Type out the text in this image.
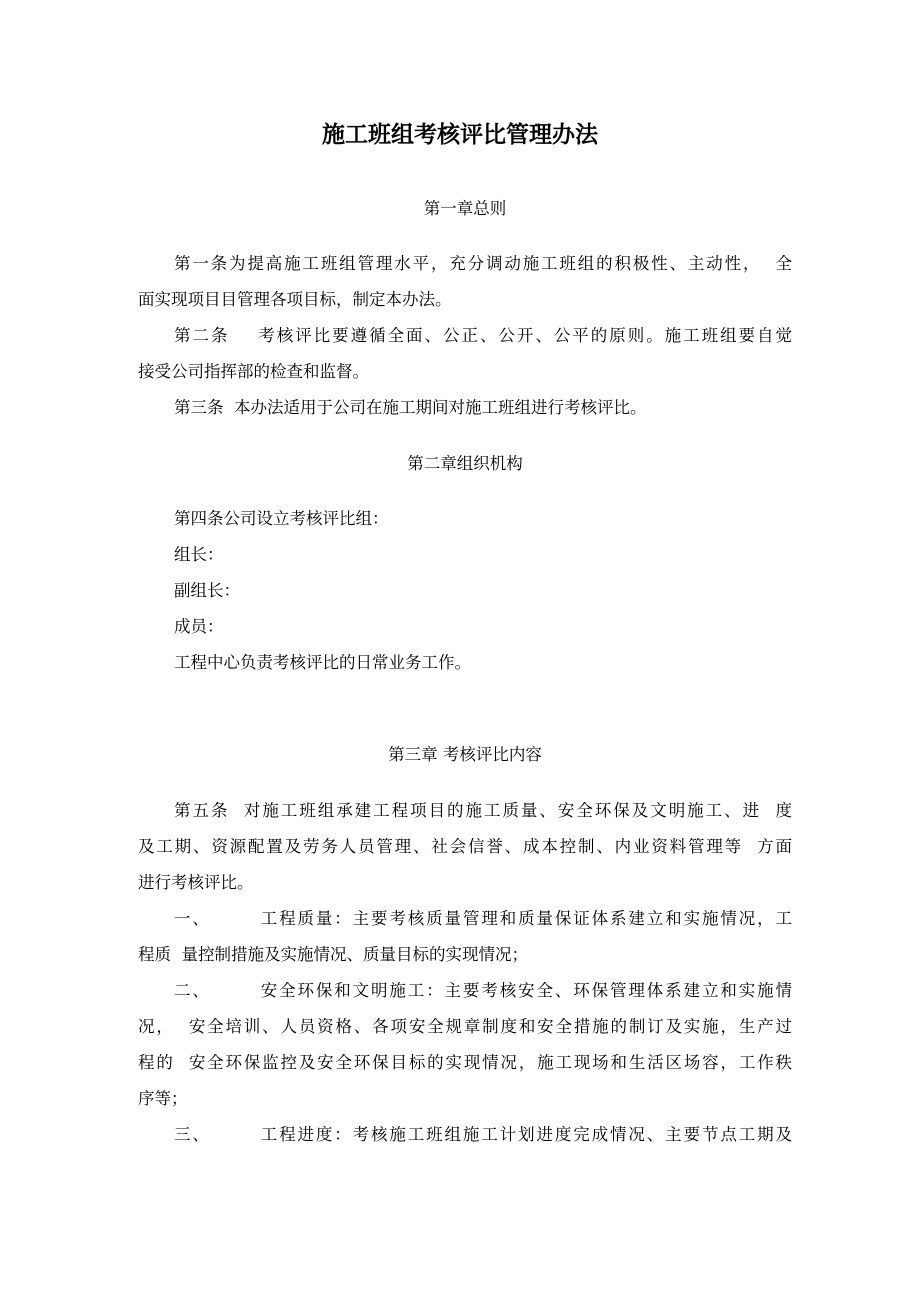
施工班组考核评比管理办法
第一章总则
第一条为提高施工班组管理水平，充分调动施工班组的积极性、主动性，  全
面实现项目目管理各项目标，制定本办法。
第二条    考核评比要遵循全面、公正、公开、公平的原则。施工班组要自觉
接受公司指挥部的检查和监督。
第三条  本办法适用于公司在施工期间对施工班组进行考核评比。
第二章组织机构
第四条公司设立考核评比组：
组长：
副组长：
成员：
工程中心负责考核评比的日常业务工作。
第三章 考核评比内容
第五条  对施工班组承建工程项目的施工质量、安全环保及文明施工、进  度
及工期、资源配置及劳务人员管理、社会信誉、成本控制、内业资料管理等  方面
进行考核评比。
一、       工程质量：主要考核质量管理和质量保证体系建立和实施情况，工
程质  量控制措施及实施情况、质量目标的实现情况；
二、       安全环保和文明施工：主要考核安全、环保管理体系建立和实施情
况，  安全培训、人员资格、各项安全规章制度和安全措施的制订及实施，生产过
程的  安全环保监控及安全环保目标的实现情况，施工现场和生活区场容，工作秩
序等；
三、       工程进度：考核施工班组施工计划进度完成情况、主要节点工期及
